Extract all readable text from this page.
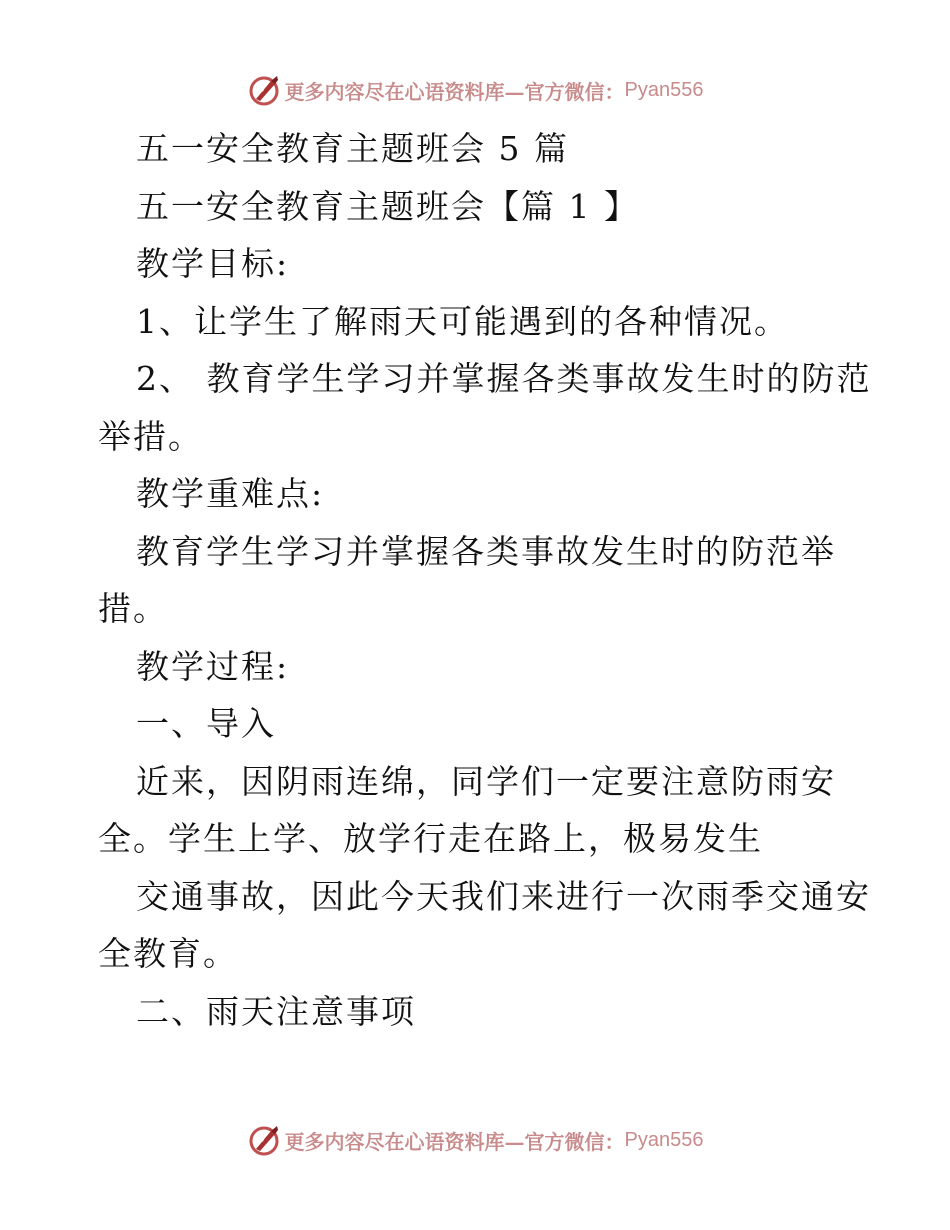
更多内容尽在心语资料库—官方微信： Pyan556
五一安全教育主题班会 5 篇
五一安全教育主题班会【篇 1 】
教学目标:
1、让学生了解雨天可能遇到的各种情况。
2、 教育学生学习并掌握各类事故发生时的防范
举措。
教学重难点:
教育学生学习并掌握各类事故发生时的防范举
措。
教学过程:
一、导入
近来，因阴雨连绵，同学们一定要注意防雨安
全。学生上学、放学行走在路上，极易发生
交通事故，因此今天我们来进行一次雨季交通安
全教育。
二、雨天注意事项
更多内容尽在心语资料库—官方微信： Pyan556
